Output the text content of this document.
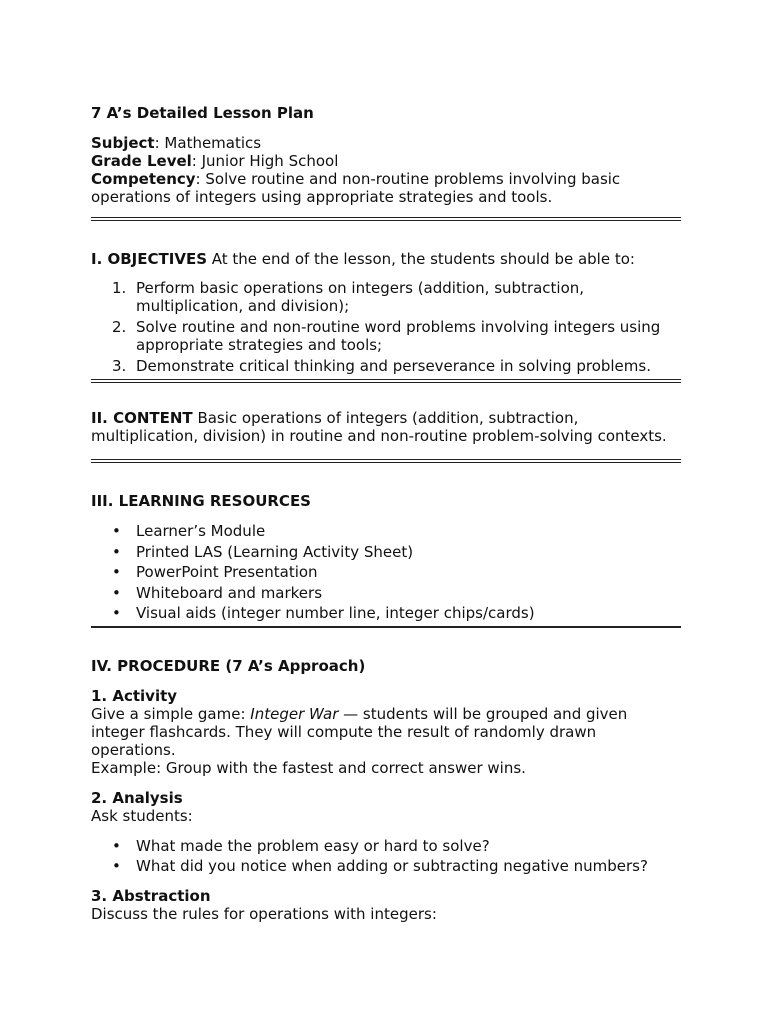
7 A’s Detailed Lesson Plan

Subject: Mathematics

Grade Level: Junior High School

Competency: Solve routine and non-routine problems involving basic operations of integers using appropriate strategies and tools.

I. OBJECTIVES At the end of the lesson, the students should be able to:

1. Perform basic operations on integers (addition, subtraction, multiplication, and division);
2. Solve routine and non-routine word problems involving integers using appropriate strategies and tools;
3. Demonstrate critical thinking and perseverance in solving problems.

II. CONTENT Basic operations of integers (addition, subtraction, multiplication, division) in routine and non-routine problem-solving contexts.

III. LEARNING RESOURCES

• Learner’s Module
• Printed LAS (Learning Activity Sheet)
• PowerPoint Presentation
• Whiteboard and markers
• Visual aids (integer number line, integer chips/cards)

IV. PROCEDURE (7 A’s Approach)

1. Activity

Give a simple game: Integer War — students will be grouped and given integer flashcards. They will compute the result of randomly drawn operations.

Example: Group with the fastest and correct answer wins.

2. Analysis

Ask students:

• What made the problem easy or hard to solve?
• What did you notice when adding or subtracting negative numbers?

3. Abstraction

Discuss the rules for operations with integers:
